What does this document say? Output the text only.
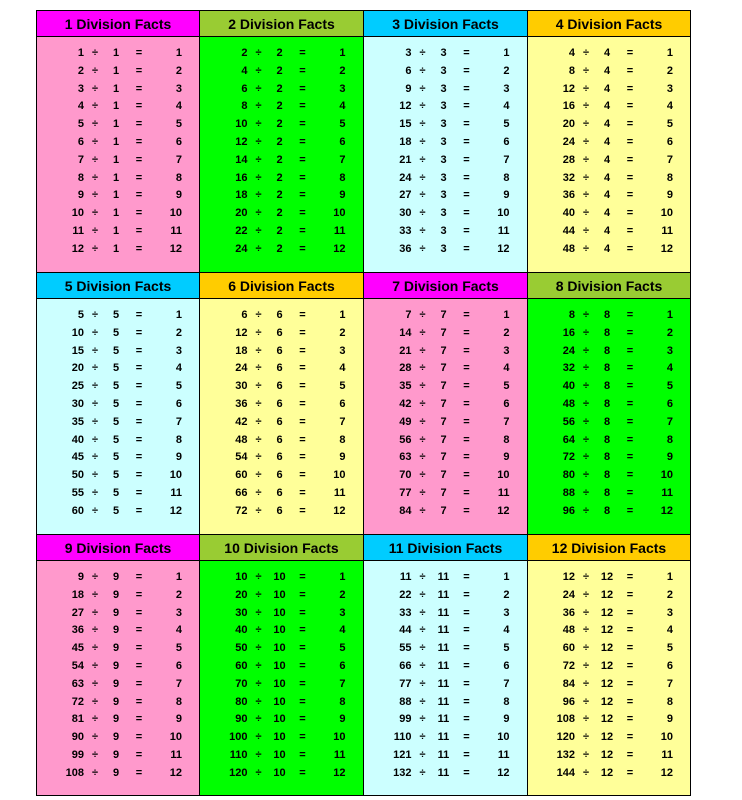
1 Division Facts
1 ÷	1	=	1
2 ÷	1	=	2
3 ÷	1	=	3
4 ÷	1	=	4
5 ÷	1	=	5
6 ÷	1	=	6
7 ÷	1	=	7
8 ÷	1	=	8
9 ÷	1	=	9
10 ÷	1	=	10
11 ÷	1	=	11
12 ÷	1	=	12
2 Division Facts
2 ÷	2	=	1
4 ÷	2	=	2
6 ÷	2	=	3
8 ÷	2	=	4
10 ÷	2	=	5
12 ÷	2	=	6
14 ÷	2	=	7
16 ÷	2	=	8
18 ÷	2	=	9
20 ÷	2	=	10
22 ÷	2	=	11
24 ÷	2	=	12
3 Division Facts
3 ÷	3	=	1
6 ÷	3	=	2
9 ÷	3	=	3
12 ÷	3	=	4
15 ÷	3	=	5
18 ÷	3	=	6
21 ÷	3	=	7
24 ÷	3	=	8
27 ÷	3	=	9
30 ÷	3	=	10
33 ÷	3	=	11
36 ÷	3	=	12
4 Division Facts
4 ÷	4	=	1
8 ÷	4	=	2
12 ÷	4	=	3
16 ÷	4	=	4
20 ÷	4	=	5
24 ÷	4	=	6
28 ÷	4	=	7
32 ÷	4	=	8
36 ÷	4	=	9
40 ÷	4	=	10
44 ÷	4	=	11
48 ÷	4	=	12
5 Division Facts
5 ÷	5	=	1
10 ÷	5	=	2
15 ÷	5	=	3
20 ÷	5	=	4
25 ÷	5	=	5
30 ÷	5	=	6
35 ÷	5	=	7
40 ÷	5	=	8
45 ÷	5	=	9
50 ÷	5	=	10
55 ÷	5	=	11
60 ÷	5	=	12
6 Division Facts
6 ÷	6	=	1
12 ÷	6	=	2
18 ÷	6	=	3
24 ÷	6	=	4
30 ÷	6	=	5
36 ÷	6	=	6
42 ÷	6	=	7
48 ÷	6	=	8
54 ÷	6	=	9
60 ÷	6	=	10
66 ÷	6	=	11
72 ÷	6	=	12
7 Division Facts
7 ÷	7	=	1
14 ÷	7	=	2
21 ÷	7	=	3
28 ÷	7	=	4
35 ÷	7	=	5
42 ÷	7	=	6
49 ÷	7	=	7
56 ÷	7	=	8
63 ÷	7	=	9
70 ÷	7	=	10
77 ÷	7	=	11
84 ÷	7	=	12
8 Division Facts
8 ÷	8	=	1
16 ÷	8	=	2
24 ÷	8	=	3
32 ÷	8	=	4
40 ÷	8	=	5
48 ÷	8	=	6
56 ÷	8	=	7
64 ÷	8	=	8
72 ÷	8	=	9
80 ÷	8	=	10
88 ÷	8	=	11
96 ÷	8	=	12
9 Division Facts
9 ÷	9	=	1
18 ÷	9	=	2
27 ÷	9	=	3
36 ÷	9	=	4
45 ÷	9	=	5
54 ÷	9	=	6
63 ÷	9	=	7
72 ÷	9	=	8
81 ÷	9	=	9
90 ÷	9	=	10
99 ÷	9	=	11
108 ÷	9	=	12
10 Division Facts
10 ÷	10	=	1
20 ÷	10	=	2
30 ÷	10	=	3
40 ÷	10	=	4
50 ÷	10	=	5
60 ÷	10	=	6
70 ÷	10	=	7
80 ÷	10	=	8
90 ÷	10	=	9
100 ÷	10	=	10
110 ÷	10	=	11
120 ÷	10	=	12
11 Division Facts
11 ÷	11	=	1
22 ÷	11	=	2
33 ÷	11	=	3
44 ÷	11	=	4
55 ÷	11	=	5
66 ÷	11	=	6
77 ÷	11	=	7
88 ÷	11	=	8
99 ÷	11	=	9
110 ÷	11	=	10
121 ÷	11	=	11
132 ÷	11	=	12
12 Division Facts
12 ÷	12	=	1
24 ÷	12	=	2
36 ÷	12	=	3
48 ÷	12	=	4
60 ÷	12	=	5
72 ÷	12	=	6
84 ÷	12	=	7
96 ÷	12	=	8
108 ÷	12	=	9
120 ÷	12	=	10
132 ÷	12	=	11
144 ÷	12	=	12
